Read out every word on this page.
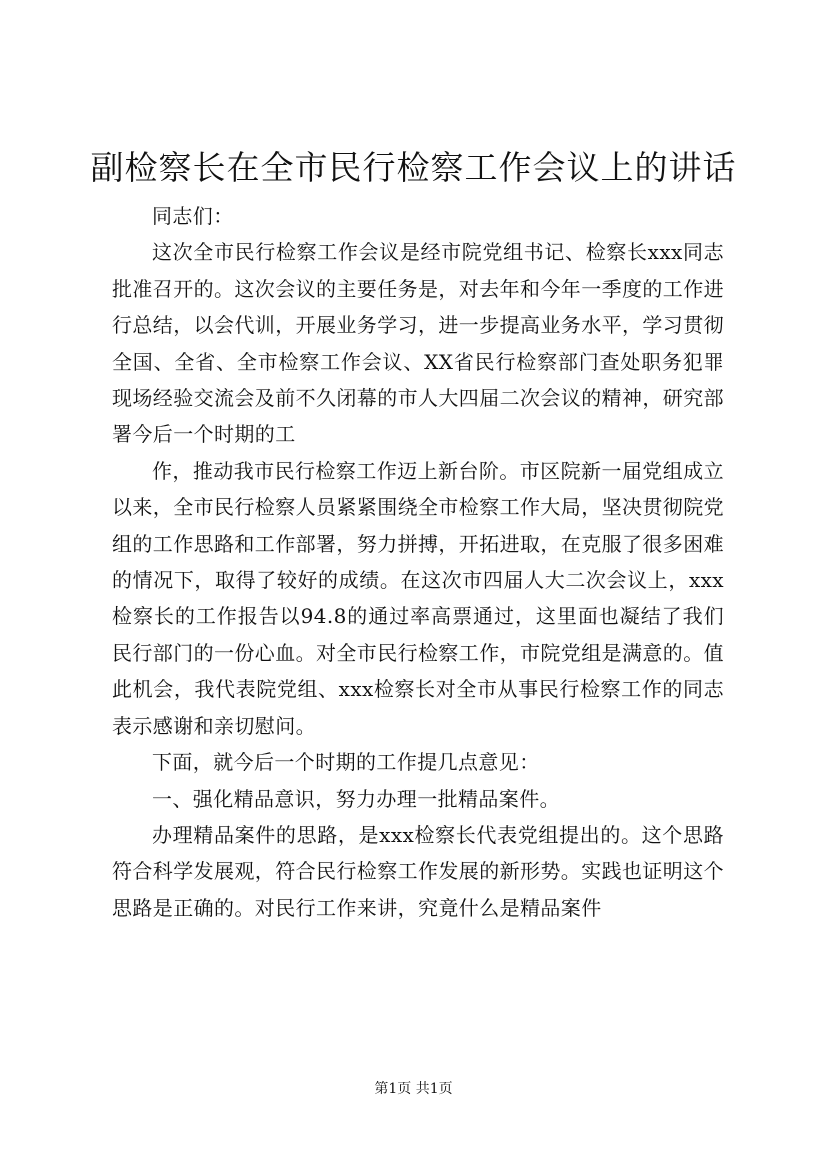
副检察长在全市民行检察工作会议上的讲话

同志们：

这次全市民行检察工作会议是经市院党组书记、检察长xxx同志批准召开的。这次会议的主要任务是，对去年和今年一季度的工作进行总结，以会代训，开展业务学习，进一步提高业务水平，学习贯彻全国、全省、全市检察工作会议、XX省民行检察部门查处职务犯罪现场经验交流会及前不久闭幕的市人大四届二次会议的精神，研究部署今后一个时期的工

作，推动我市民行检察工作迈上新台阶。市区院新一届党组成立以来，全市民行检察人员紧紧围绕全市检察工作大局，坚决贯彻院党组的工作思路和工作部署，努力拼搏，开拓进取，在克服了很多困难的情况下，取得了较好的成绩。在这次市四届人大二次会议上，xxx检察长的工作报告以94.8的通过率高票通过，这里面也凝结了我们民行部门的一份心血。对全市民行检察工作，市院党组是满意的。值此机会，我代表院党组、xxx检察长对全市从事民行检察工作的同志表示感谢和亲切慰问。

下面，就今后一个时期的工作提几点意见：

一、强化精品意识，努力办理一批精品案件。

办理精品案件的思路，是xxx检察长代表党组提出的。这个思路符合科学发展观，符合民行检察工作发展的新形势。实践也证明这个思路是正确的。对民行工作来讲，究竟什么是精品案件

第1页 共1页
